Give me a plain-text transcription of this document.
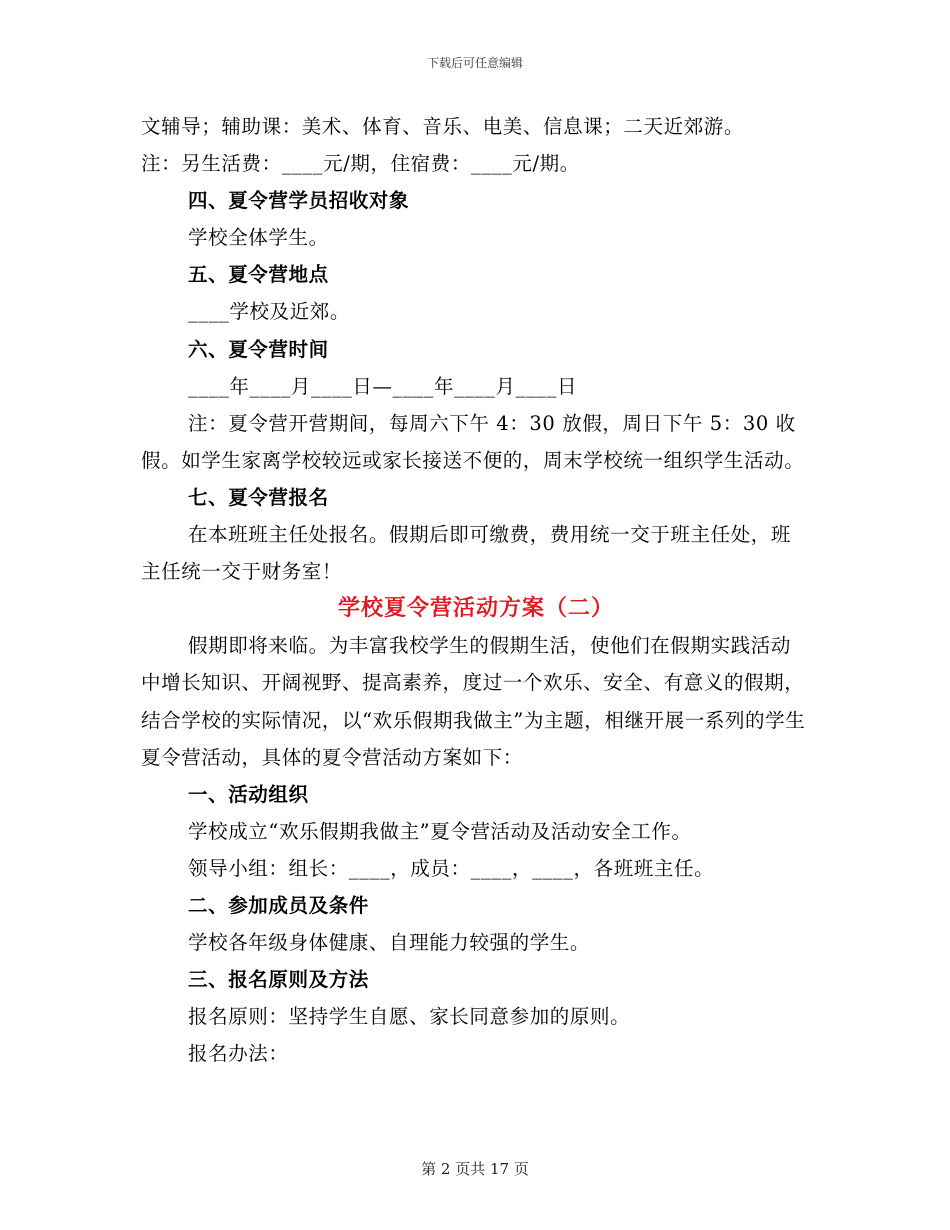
下载后可任意编辑

文辅导；辅助课：美术、体育、音乐、电美、信息课；二天近郊游。

注：另生活费：____元/期，住宿费：____元/期。

四、夏令营学员招收对象

学校全体学生。

五、夏令营地点

____学校及近郊。

六、夏令营时间

____年____月____日—____年____月____日

注：夏令营开营期间，每周六下午 4：30 放假，周日下午 5：30 收假。如学生家离学校较远或家长接送不便的，周末学校统一组织学生活动。

七、夏令营报名

在本班班主任处报名。假期后即可缴费，费用统一交于班主任处，班主任统一交于财务室！

学校夏令营活动方案（二）

假期即将来临。为丰富我校学生的假期生活，使他们在假期实践活动中增长知识、开阔视野、提高素养，度过一个欢乐、安全、有意义的假期，结合学校的实际情况，以“欢乐假期我做主”为主题，相继开展一系列的学生夏令营活动，具体的夏令营活动方案如下：

一、活动组织

学校成立“欢乐假期我做主”夏令营活动及活动安全工作。

领导小组：组长：____，成员：____，____，各班班主任。

二、参加成员及条件

学校各年级身体健康、自理能力较强的学生。

三、报名原则及方法

报名原则：坚持学生自愿、家长同意参加的原则。

报名办法：

第 2 页共 17 页
